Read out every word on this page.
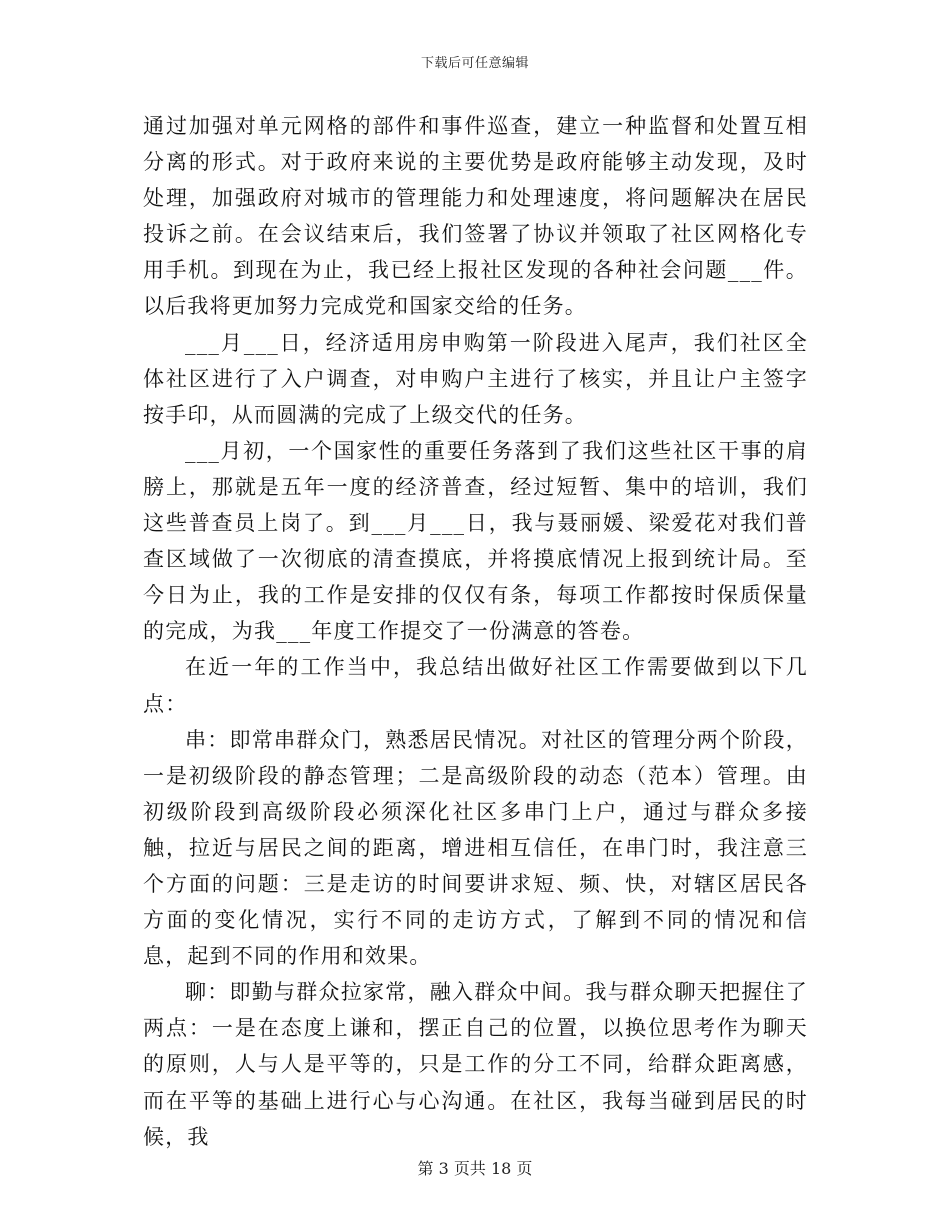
下载后可任意编辑

通过加强对单元网格的部件和事件巡查，建立一种监督和处置互相分离的形式。对于政府来说的主要优势是政府能够主动发现，及时处理，加强政府对城市的管理能力和处理速度，将问题解决在居民投诉之前。在会议结束后，我们签署了协议并领取了社区网格化专用手机。到现在为止，我已经上报社区发现的各种社会问题___件。以后我将更加努力完成党和国家交给的任务。

___月___日，经济适用房申购第一阶段进入尾声，我们社区全体社区进行了入户调查，对申购户主进行了核实，并且让户主签字按手印，从而圆满的完成了上级交代的任务。

___月初，一个国家性的重要任务落到了我们这些社区干事的肩膀上，那就是五年一度的经济普查，经过短暂、集中的培训，我们这些普查员上岗了。到___月___日，我与聂丽媛、梁爱花对我们普查区域做了一次彻底的清查摸底，并将摸底情况上报到统计局。至今日为止，我的工作是安排的仅仅有条，每项工作都按时保质保量的完成，为我___年度工作提交了一份满意的答卷。

在近一年的工作当中，我总结出做好社区工作需要做到以下几点：

串：即常串群众门，熟悉居民情况。对社区的管理分两个阶段，一是初级阶段的静态管理；二是高级阶段的动态（范本）管理。由初级阶段到高级阶段必须深化社区多串门上户，通过与群众多接触，拉近与居民之间的距离，增进相互信任，在串门时，我注意三个方面的问题：三是走访的时间要讲求短、频、快，对辖区居民各方面的变化情况，实行不同的走访方式，了解到不同的情况和信息，起到不同的作用和效果。

聊：即勤与群众拉家常，融入群众中间。我与群众聊天把握住了两点：一是在态度上谦和，摆正自己的位置，以换位思考作为聊天的原则，人与人是平等的，只是工作的分工不同，给群众距离感，而在平等的基础上进行心与心沟通。在社区，我每当碰到居民的时候，我

第 3 页共 18 页
